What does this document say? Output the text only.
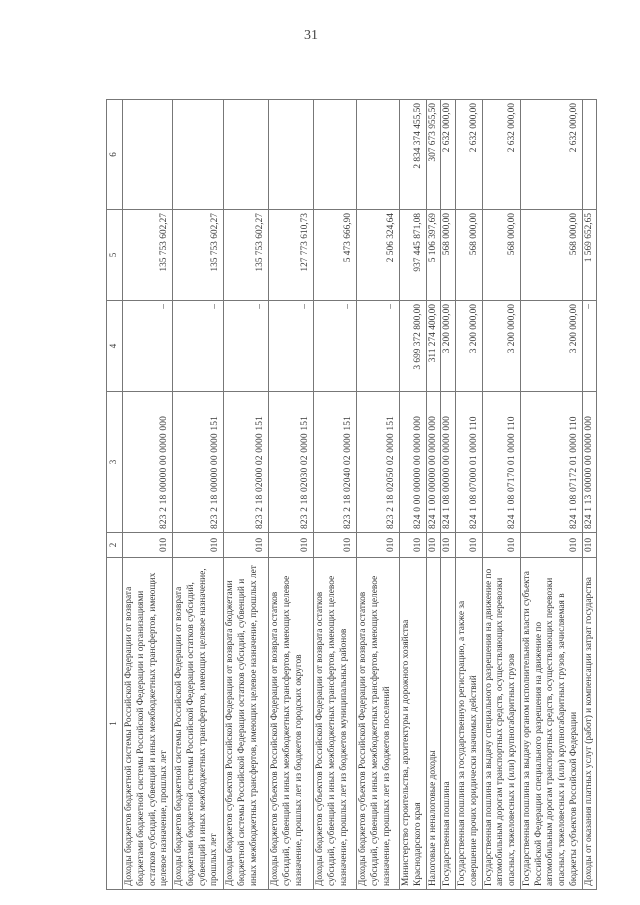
31
1	2	3	4	5	6
Доходы бюджетов бюджетной системы Российской Федерации от возврата бюджетами бюджетной системы Российской Федерации и организациями остатков субсидий, субвенций и иных межбюджетных трансфертов, имеющих целевое назначение, прошлых лет	010	823 2 18 00000 00 0000 000	–	135 753 602,27	
Доходы бюджетов бюджетной системы Российской Федерации от возврата бюджетами бюджетной системы Российской Федерации остатков субсидий, субвенций и иных межбюджетных трансфертов, имеющих целевое назначение, прошлых лет	010	823 2 18 00000 00 0000 151	–	135 753 602,27	
Доходы бюджетов субъектов Российской Федерации от возврата бюджетами бюджетной системы Российской Федерации остатков субсидий, субвенций и иных межбюджетных трансфертов, имеющих целевое назначение, прошлых лет	010	823 2 18 02000 02 0000 151	–	135 753 602,27	
Доходы бюджетов субъектов Российской Федерации от возврата остатков субсидий, субвенций и иных межбюджетных трансфертов, имеющих целевое назначение, прошлых лет из бюджетов городских округов	010	823 2 18 02030 02 0000 151	–	127 773 610,73	
Доходы бюджетов субъектов Российской Федерации от возврата остатков субсидий, субвенций и иных межбюджетных трансфертов, имеющих целевое назначение, прошлых лет из бюджетов муниципальных районов	010	823 2 18 02040 02 0000 151	–	5 473 666,90	
Доходы бюджетов субъектов Российской Федерации от возврата остатков субсидий, субвенций и иных межбюджетных трансфертов, имеющих целевое назначение, прошлых лет из бюджетов поселений	010	823 2 18 02050 02 0000 151	–	2 506 324,64	
Министерство строительства, архитектуры и дорожного хозяйства Краснодарского края	010	824 0 00 00000 00 0000 000	3 699 372 800,00	937 445 871,08	2 834 374 455,50
Налоговые и неналоговые доходы	010	824 1 00 00000 00 0000 000	311 274 400,00	5 106 397,69	307 673 955,50
Государственная пошлина	010	824 1 08 00000 00 0000 000	3 200 000,00	568 000,00	2 632 000,00
Государственная пошлина за государственную регистрацию, а также за совершение прочих юридически значимых действий	010	824 1 08 07000 01 0000 110	3 200 000,00	568 000,00	2 632 000,00
Государственная пошлина за выдачу специального разрешения на движение по автомобильным дорогам транспортных средств, осуществляющих перевозки опасных, тяжеловесных и (или) крупногабаритных грузов	010	824 1 08 07170 01 0000 110	3 200 000,00	568 000,00	2 632 000,00
Государственная пошлина за выдачу органом исполнительной власти субъекта Российской Федерации специального разрешения на движение по автомобильным дорогам транспортных средств, осуществляющих перевозки опасных, тяжеловесных и (или) крупногабаритных грузов, зачисляемая в бюджеты субъектов Российской Федерации	010	824 1 08 07172 01 0000 110	3 200 000,00	568 000,00	2 632 000,00
Доходы от оказания платных услуг (работ) и компенсации затрат государства	010	824 1 13 00000 00 0000 000	–	1 569 652,65	
